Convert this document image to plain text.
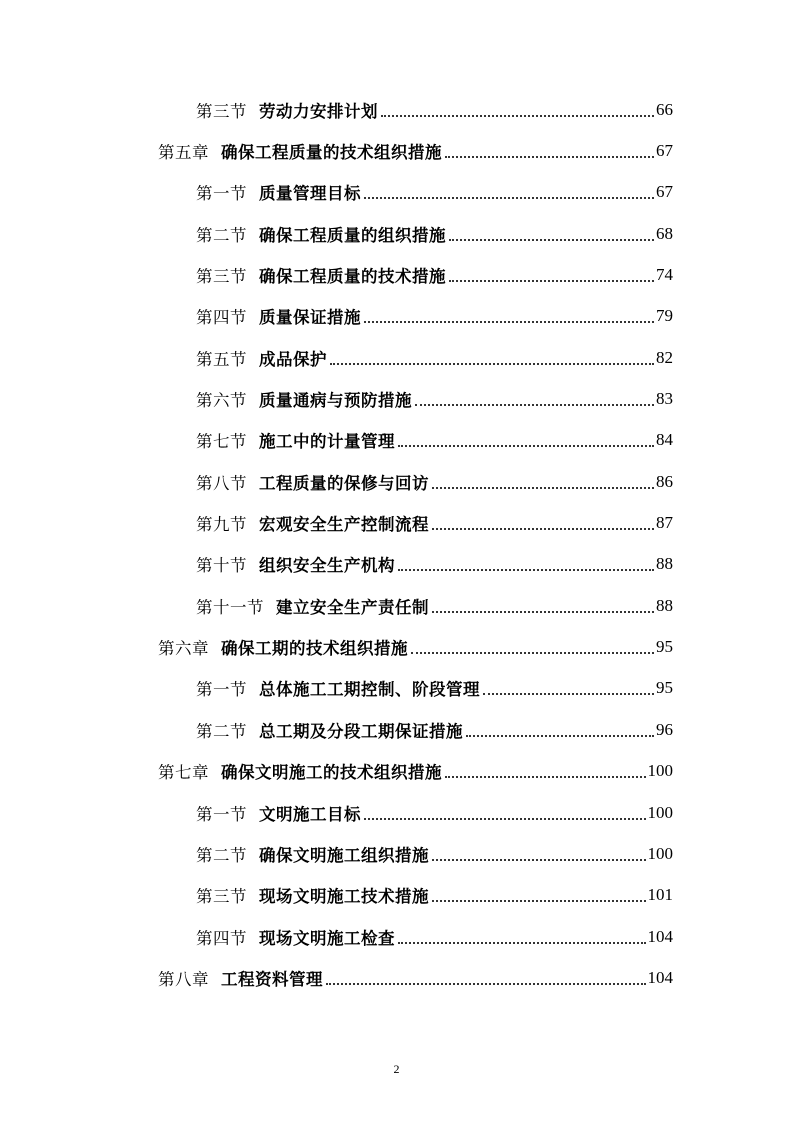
第三节 劳动力安排计划	66
第五章 确保工程质量的技术组织措施	67
第一节 质量管理目标	67
第二节 确保工程质量的组织措施	68
第三节 确保工程质量的技术措施	74
第四节 质量保证措施	79
第五节 成品保护	82
第六节 质量通病与预防措施	83
第七节 施工中的计量管理	84
第八节 工程质量的保修与回访	86
第九节 宏观安全生产控制流程	87
第十节 组织安全生产机构	88
第十一节 建立安全生产责任制	88
第六章 确保工期的技术组织措施	95
第一节 总体施工工期控制、阶段管理	95
第二节 总工期及分段工期保证措施	96
第七章 确保文明施工的技术组织措施	100
第一节 文明施工目标	100
第二节 确保文明施工组织措施	100
第三节 现场文明施工技术措施	101
第四节 现场文明施工检查	104
第八章 工程资料管理	104
2
